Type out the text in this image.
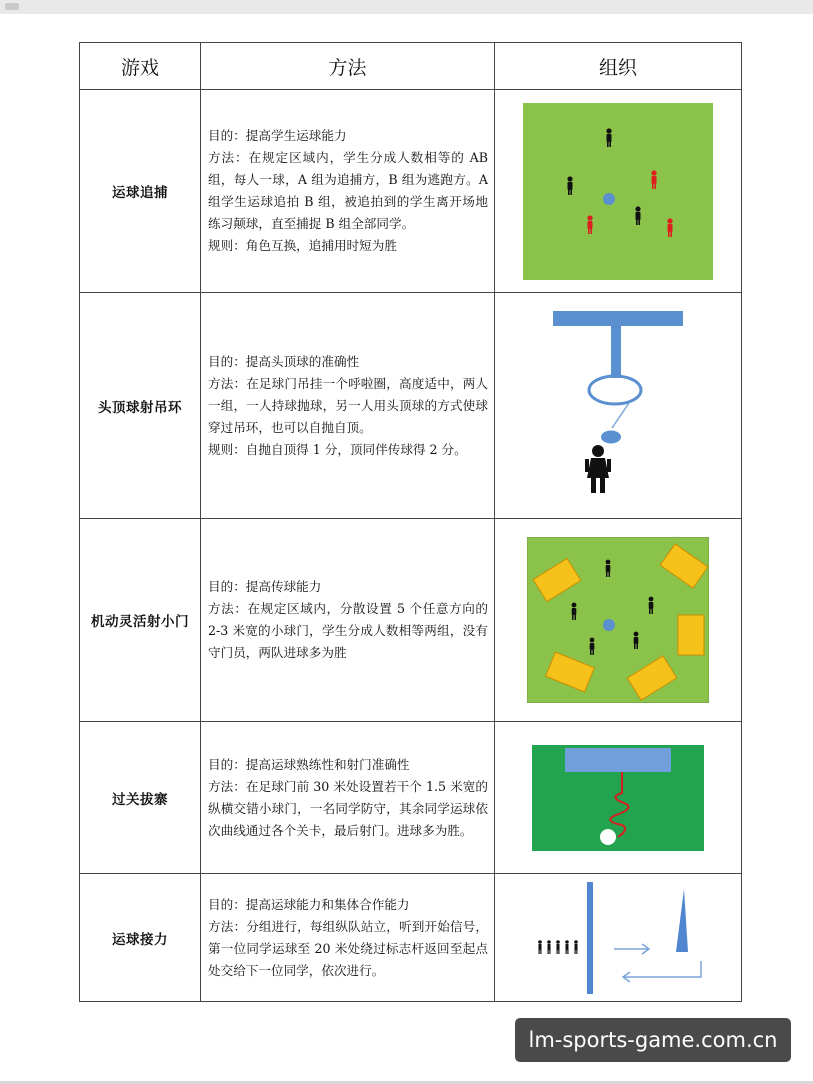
游戏	方法	组织
运球追捕	目的：提高学生运球能力

方法：在规定区域内，学生分成人数相等的 AB 组，每人一球，A 组为追捕方，B 组为逃跑方。A 组学生运球追拍 B 组，被追拍到的学生离开场地练习颠球，直至捕捉 B 组全部同学。

规则：角色互换，追捕用时短为胜

头顶球射吊环	目的：提高头顶球的准确性

方法：在足球门吊挂一个呼啦圈，高度适中，两人一组，一人持球抛球，另一人用头顶球的方式使球穿过吊环，也可以自抛自顶。

规则：自抛自顶得 1 分，顶同伴传球得 2 分。

机动灵活射小门	目的：提高传球能力

方法：在规定区域内，分散设置 5 个任意方向的 2-3 米宽的小球门，学生分成人数相等两组，没有守门员，两队进球多为胜

过关拔寨	目的：提高运球熟练性和射门准确性

方法：在足球门前 30 米处设置若干个 1.5 米宽的纵横交错小球门，一名同学防守，其余同学运球依次曲线通过各个关卡，最后射门。进球多为胜。

运球接力	目的：提高运球能力和集体合作能力

方法：分组进行，每组纵队站立，听到开始信号，第一位同学运球至 20 米处绕过标志杆返回至起点处交给下一位同学，依次进行。

lm-sports-game.com.cn
